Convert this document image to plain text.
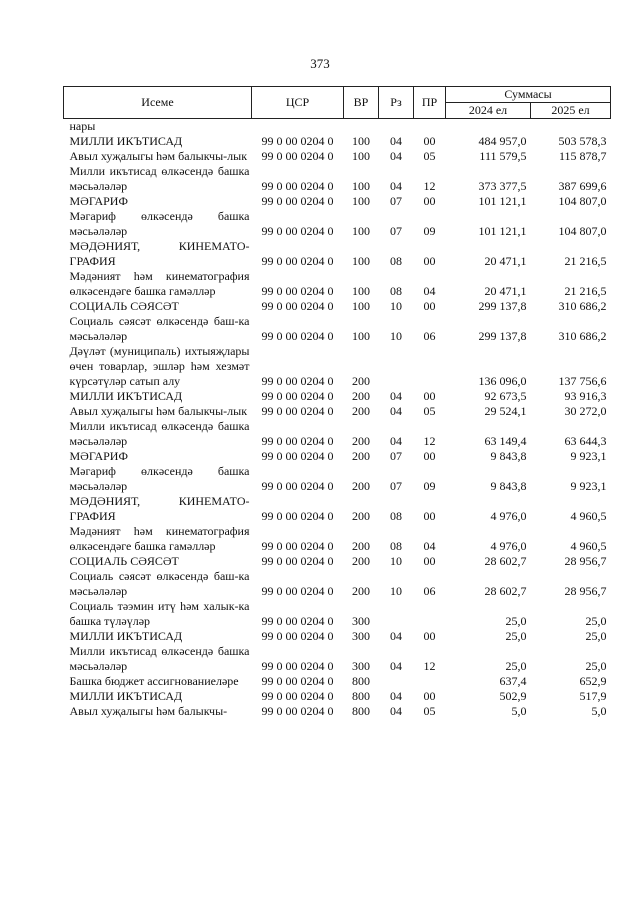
373
Исеме	ЦСР	ВР	Рз	ПР	Суммасы	
					2024 ел	2025 ел
нары						
МИЛЛИ ИКЪТИСАД	99 0 00 0204 0	100	04	00	484 957,0	503 578,3
Авыл хуҗалыгы һәм балыкчы-лык	99 0 00 0204 0	100	04	05	111 579,5	115 878,7
Милли икътисад өлкәсендә башка мәсьәләләр	99 0 00 0204 0	100	04	12	373 377,5	387 699,6
МӘГАРИФ	99 0 00 0204 0	100	07	00	101 121,1	104 807,0
Мәгариф өлкәсендә башка мәсьәләләр	99 0 00 0204 0	100	07	09	101 121,1	104 807,0
МӘДӘНИЯТ, КИНЕМАТО-ГРАФИЯ	99 0 00 0204 0	100	08	00	20 471,1	21 216,5
Мәдәният һәм кинематография өлкәсендәге башка гамәлләр	99 0 00 0204 0	100	08	04	20 471,1	21 216,5
СОЦИАЛЬ СӘЯСӘТ	99 0 00 0204 0	100	10	00	299 137,8	310 686,2
Социаль сәясәт өлкәсендә баш-ка мәсьәләләр	99 0 00 0204 0	100	10	06	299 137,8	310 686,2
Дәүләт (муниципаль) ихтыяҗлары өчен товарлар, эшләр һәм хезмәт күрсәтүләр сатып алу	99 0 00 0204 0	200			136 096,0	137 756,6
МИЛЛИ ИКЪТИСАД	99 0 00 0204 0	200	04	00	92 673,5	93 916,3
Авыл хуҗалыгы һәм балыкчы-лык	99 0 00 0204 0	200	04	05	29 524,1	30 272,0
Милли икътисад өлкәсендә башка мәсьәләләр	99 0 00 0204 0	200	04	12	63 149,4	63 644,3
МӘГАРИФ	99 0 00 0204 0	200	07	00	9 843,8	9 923,1
Мәгариф өлкәсендә башка мәсьәләләр	99 0 00 0204 0	200	07	09	9 843,8	9 923,1
МӘДӘНИЯТ, КИНЕМАТО-ГРАФИЯ	99 0 00 0204 0	200	08	00	4 976,0	4 960,5
Мәдәният һәм кинематография өлкәсендәге башка гамәлләр	99 0 00 0204 0	200	08	04	4 976,0	4 960,5
СОЦИАЛЬ СӘЯСӘТ	99 0 00 0204 0	200	10	00	28 602,7	28 956,7
Социаль сәясәт өлкәсендә баш-ка мәсьәләләр	99 0 00 0204 0	200	10	06	28 602,7	28 956,7
Социаль тәэмин итү һәм халык-ка башка түләүләр	99 0 00 0204 0	300			25,0	25,0
МИЛЛИ ИКЪТИСАД	99 0 00 0204 0	300	04	00	25,0	25,0
Милли икътисад өлкәсендә башка мәсьәләләр	99 0 00 0204 0	300	04	12	25,0	25,0
Башка бюджет ассигнованиеләре	99 0 00 0204 0	800			637,4	652,9
МИЛЛИ ИКЪТИСАД	99 0 00 0204 0	800	04	00	502,9	517,9
Авыл хуҗалыгы һәм балыкчы-	99 0 00 0204 0	800	04	05	5,0	5,0
